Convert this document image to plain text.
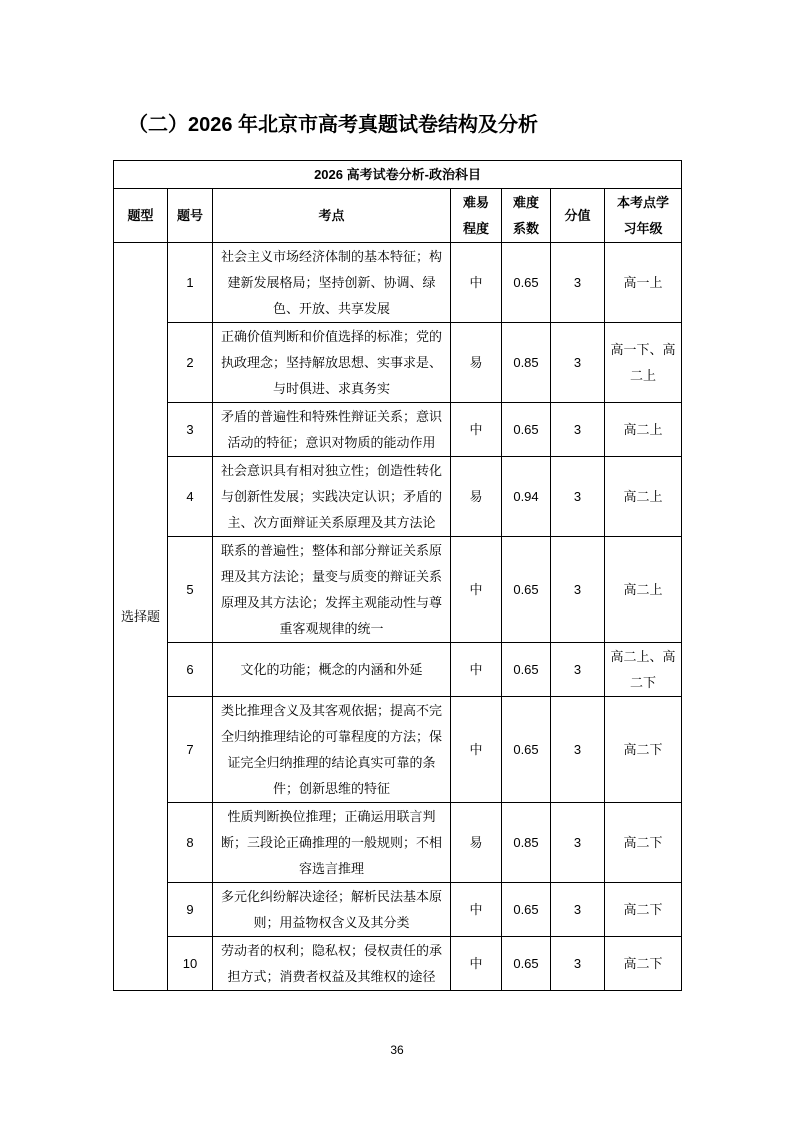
（二）2026 年北京市高考真题试卷结构及分析
2026 高考试卷分析-政治科目						
题型	题号	考点	难易程度	难度系数	分值	本考点学习年级
选择题	1	社会主义市场经济体制的基本特征；构建新发展格局；坚持创新、协调、绿色、开放、共享发展	中	0.65	3	高一上
	2	正确价值判断和价值选择的标准；党的执政理念；坚持解放思想、实事求是、与时俱进、求真务实	易	0.85	3	高一下、高二上
	3	矛盾的普遍性和特殊性辩证关系；意识活动的特征；意识对物质的能动作用	中	0.65	3	高二上
	4	社会意识具有相对独立性；创造性转化与创新性发展；实践决定认识；矛盾的主、次方面辩证关系原理及其方法论	易	0.94	3	高二上
	5	联系的普遍性；整体和部分辩证关系原理及其方法论；量变与质变的辩证关系原理及其方法论；发挥主观能动性与尊重客观规律的统一	中	0.65	3	高二上
	6	文化的功能；概念的内涵和外延	中	0.65	3	高二上、高二下
	7	类比推理含义及其客观依据；提高不完全归纳推理结论的可靠程度的方法；保证完全归纳推理的结论真实可靠的条件；创新思维的特征	中	0.65	3	高二下
	8	性质判断换位推理；正确运用联言判断；三段论正确推理的一般规则；不相容选言推理	易	0.85	3	高二下
	9	多元化纠纷解决途径；解析民法基本原则；用益物权含义及其分类	中	0.65	3	高二下
	10	劳动者的权利；隐私权；侵权责任的承担方式；消费者权益及其维权的途径	中	0.65	3	高二下
36
